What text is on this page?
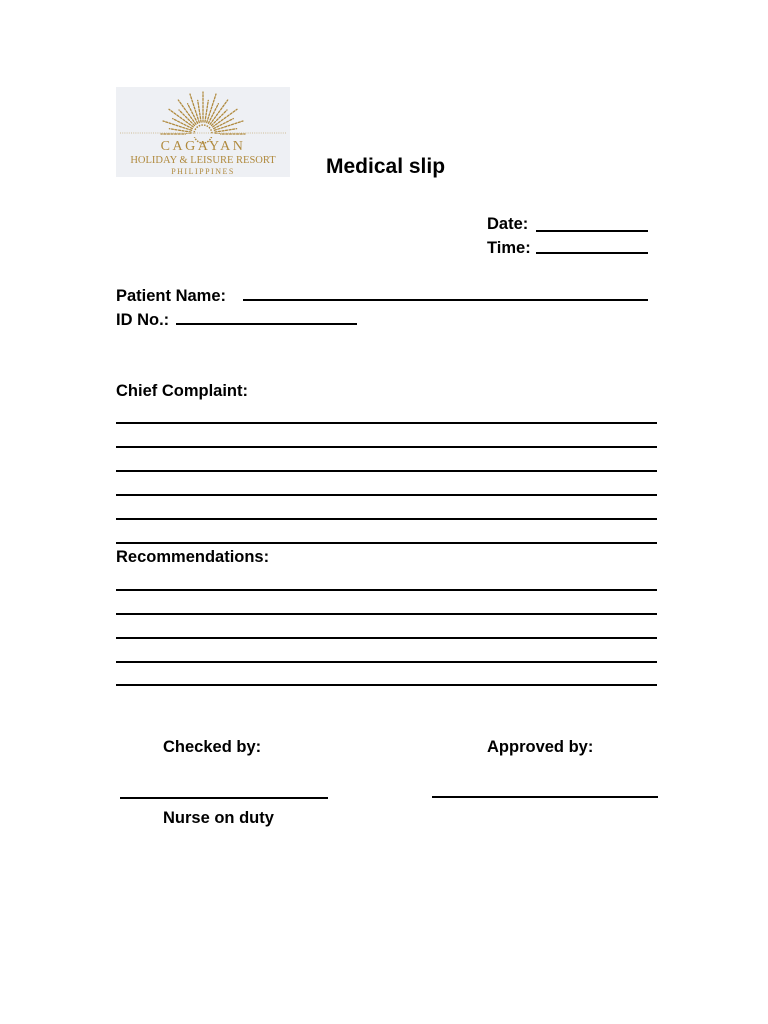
CAGAYAN
HOLIDAY & LEISURE RESORT
PHILIPPINES	Medical slip
Date:
Time:
Patient Name:
ID No.:
Chief Complaint:
Recommendations:
Checked by:	Approved by:
Nurse on duty
